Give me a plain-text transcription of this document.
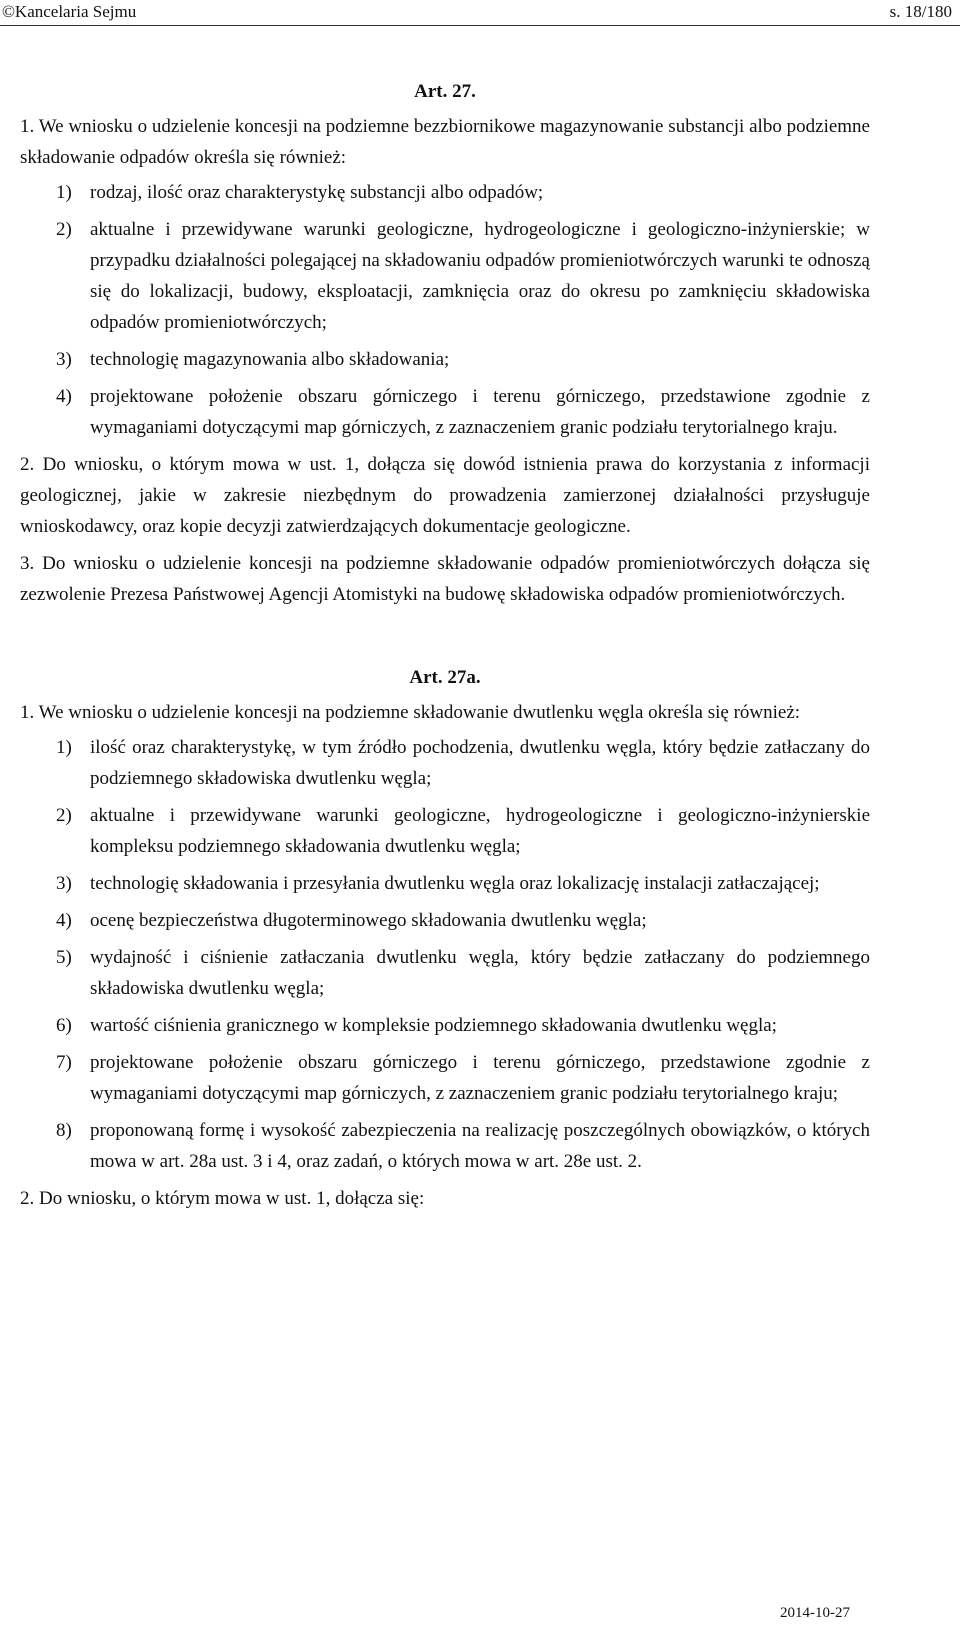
©Kancelaria Sejmu	s. 18/180
Art. 27.

1. We wniosku o udzielenie koncesji na podziemne bezzbiornikowe magazynowanie substancji albo podziemne składowanie odpadów określa się również:

1) rodzaj, ilość oraz charakterystykę substancji albo odpadów;
2) aktualne i przewidywane warunki geologiczne, hydrogeologiczne i geologiczno-inżynierskie; w przypadku działalności polegającej na składowaniu odpadów promieniotwórczych warunki te odnoszą się do lokalizacji, budowy, eksploatacji, zamknięcia oraz do okresu po zamknięciu składowiska odpadów promieniotwórczych;
3) technologię magazynowania albo składowania;
4) projektowane położenie obszaru górniczego i terenu górniczego, przedstawione zgodnie z wymaganiami dotyczącymi map górniczych, z zaznaczeniem granic podziału terytorialnego kraju.

2. Do wniosku, o którym mowa w ust. 1, dołącza się dowód istnienia prawa do korzystania z informacji geologicznej, jakie w zakresie niezbędnym do prowadzenia zamierzonej działalności przysługuje wnioskodawcy, oraz kopie decyzji zatwierdzających dokumentacje geologiczne.

3. Do wniosku o udzielenie koncesji na podziemne składowanie odpadów promieniotwórczych dołącza się zezwolenie Prezesa Państwowej Agencji Atomistyki na budowę składowiska odpadów promieniotwórczych.

Art. 27a.

1. We wniosku o udzielenie koncesji na podziemne składowanie dwutlenku węgla określa się również:

1) ilość oraz charakterystykę, w tym źródło pochodzenia, dwutlenku węgla, który będzie zatłaczany do podziemnego składowiska dwutlenku węgla;
2) aktualne i przewidywane warunki geologiczne, hydrogeologiczne i geologiczno-inżynierskie kompleksu podziemnego składowania dwutlenku węgla;
3) technologię składowania i przesyłania dwutlenku węgla oraz lokalizację instalacji zatłaczającej;
4) ocenę bezpieczeństwa długoterminowego składowania dwutlenku węgla;
5) wydajność i ciśnienie zatłaczania dwutlenku węgla, który będzie zatłaczany do podziemnego składowiska dwutlenku węgla;
6) wartość ciśnienia granicznego w kompleksie podziemnego składowania dwutlenku węgla;
7) projektowane położenie obszaru górniczego i terenu górniczego, przedstawione zgodnie z wymaganiami dotyczącymi map górniczych, z zaznaczeniem granic podziału terytorialnego kraju;
8) proponowaną formę i wysokość zabezpieczenia na realizację poszczególnych obowiązków, o których mowa w art. 28a ust. 3 i 4, oraz zadań, o których mowa w art. 28e ust. 2.

2. Do wniosku, o którym mowa w ust. 1, dołącza się:

2014-10-27
